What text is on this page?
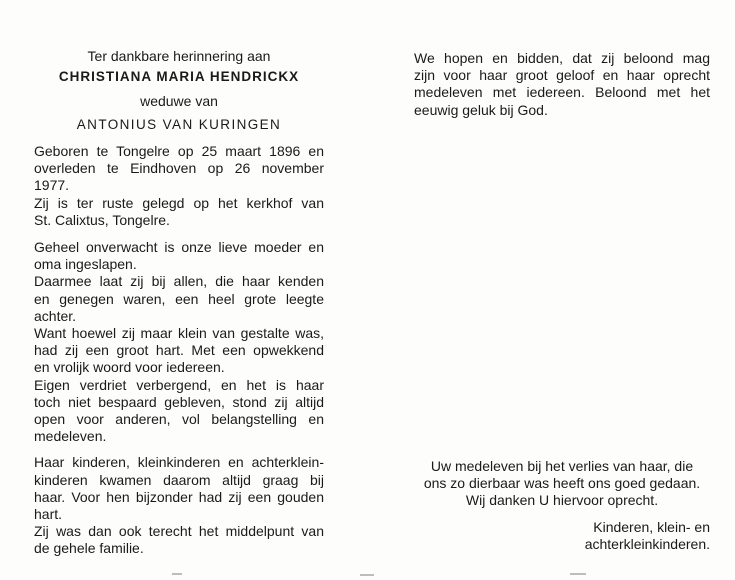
Ter dankbare herinnering aan
CHRISTIANA MARIA HENDRICKX
weduwe van
ANTONIUS VAN KURINGEN
Geboren te Tongelre op 25 maart 1896 en
overleden te Eindhoven op 26 november
1977.
Zij is ter ruste gelegd op het kerkhof van
St. Calixtus, Tongelre.
Geheel onverwacht is onze lieve moeder en
oma ingeslapen.
Daarmee laat zij bij allen, die haar kenden
en genegen waren, een heel grote leegte
achter.
Want hoewel zij maar klein van gestalte was,
had zij een groot hart. Met een opwekkend
en vrolijk woord voor iedereen.
Eigen verdriet verbergend, en het is haar
toch niet bespaard gebleven, stond zij altijd
open voor anderen, vol belangstelling en
medeleven.
Haar kinderen, kleinkinderen en achterklein-
kinderen kwamen daarom altijd graag bij
haar. Voor hen bijzonder had zij een gouden
hart.
Zij was dan ook terecht het middelpunt van
de gehele familie.
We hopen en bidden, dat zij beloond mag
zijn voor haar groot geloof en haar oprecht
medeleven met iedereen. Beloond met het
eeuwig geluk bij God.
Uw medeleven bij het verlies van haar, die
ons zo dierbaar was heeft ons goed gedaan.
Wij danken U hiervoor oprecht.
Kinderen, klein- en
achterkleinkinderen.
